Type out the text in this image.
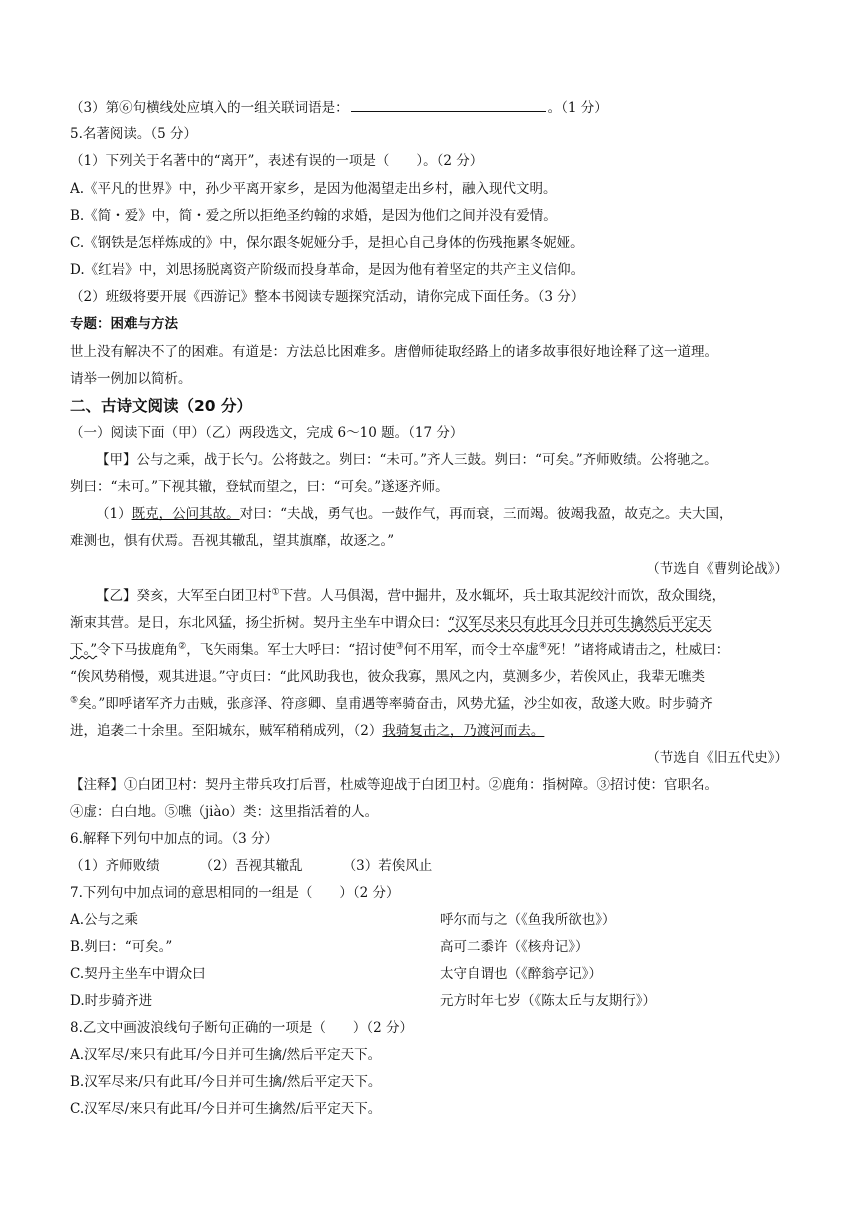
（3）第⑥句横线处应填入的一组关联词语是：	。（1 分）
5.名著阅读。（5 分）
（1）下列关于名著中的“离开”，表述有误的一项是（　　）。（2 分）
A.《平凡的世界》中，孙少平离开家乡，是因为他渴望走出乡村，融入现代文明。
B.《简・爱》中，简・爱之所以拒绝圣约翰的求婚，是因为他们之间并没有爱情。
C.《钢铁是怎样炼成的》中，保尔跟冬妮娅分手，是担心自己身体的伤残拖累冬妮娅。
D.《红岩》中，刘思扬脱离资产阶级而投身革命，是因为他有着坚定的共产主义信仰。
（2）班级将要开展《西游记》整本书阅读专题探究活动，请你完成下面任务。（3 分）
专题：困难与方法
世上没有解决不了的困难。有道是：方法总比困难多。唐僧师徒取经路上的诸多故事很好地诠释了这一道理。
请举一例加以简析。
二、古诗文阅读（20 分）
（一）阅读下面（甲）（乙）两段选文，完成 6～10 题。（17 分）
【甲】公与之乘，战于长勺。公将鼓之。刿曰：“未可。”齐人三鼓。刿曰：“可矣。”齐师败绩。公将驰之。
刿曰：“未可。”下视其辙，登轼而望之，曰：“可矣。”遂逐齐师。
（1）既克，公问其故。对曰：“夫战，勇气也。一鼓作气，再而衰，三而竭。彼竭我盈，故克之。夫大国，
难测也，惧有伏焉。吾视其辙乱，望其旗靡，故逐之。”
（节选自《曹刿论战》）
【乙】癸亥，大军至白团卫村①下营。人马俱渴，营中掘井，及水辄坏，兵士取其泥绞汁而饮，敌众围绕，
渐束其营。是日，东北风猛，扬尘折树。契丹主坐车中谓众曰：“汉军尽来只有此耳今日并可生擒然后平定天
下。”令下马拔鹿角②，飞矢雨集。军士大呼曰：“招讨使③何不用军，而令士卒虚④死！”诸将咸请击之，杜威曰：
“俟风势稍慢，观其进退。”守贞曰：“此风助我也，彼众我寡，黑风之内，莫测多少，若俟风止，我辈无噍类
⑤矣。”即呼诸军齐力击贼，张彦泽、符彦卿、皇甫遇等率骑奋击，风势尤猛，沙尘如夜，敌遂大败。时步骑齐
进，追袭二十余里。至阳城东，贼军稍稍成列，（2）我骑复击之，乃渡河而去。
（节选自《旧五代史》）
【注释】①白团卫村：契丹主带兵攻打后晋，杜威等迎战于白团卫村。②鹿角：指树障。③招讨使：官职名。
④虚：白白地。⑤噍（jiào）类：这里指活着的人。
6.解释下列句中加点的词。（3 分）
（1）齐师败绩	（2）吾视其辙乱	（3）若俟风止
7.下列句中加点词的意思相同的一组是（　　）（2 分）
A.公与之乘	呼尔而与之（《鱼我所欲也》）
B.刿曰：“可矣。”	高可二黍许（《核舟记》）
C.契丹主坐车中谓众曰	太守自谓也（《醉翁亭记》）
D.时步骑齐进	元方时年七岁（《陈太丘与友期行》）
8.乙文中画波浪线句子断句正确的一项是（　　）（2 分）
A.汉军尽/来只有此耳/今日并可生擒/然后平定天下。
B.汉军尽来/只有此耳/今日并可生擒/然后平定天下。
C.汉军尽/来只有此耳/今日并可生擒然/后平定天下。
